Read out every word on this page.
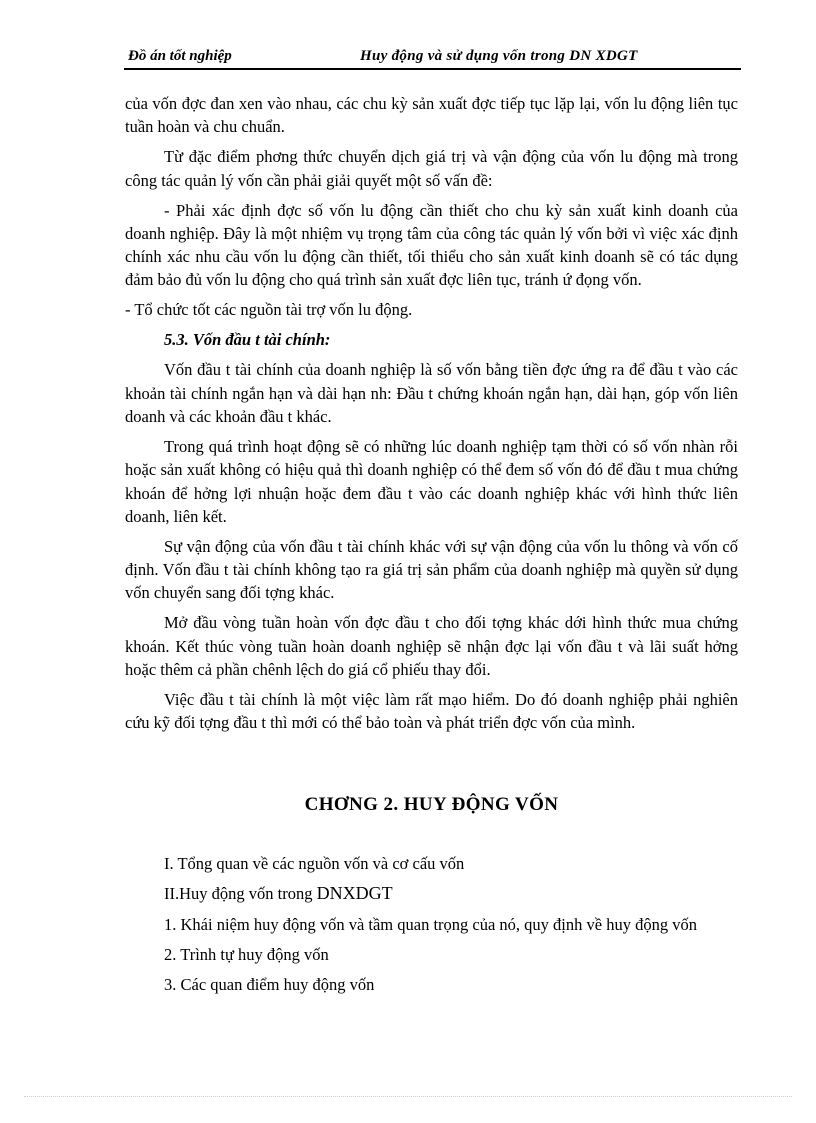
Đồ án tốt nghiệp	Huy động và sử dụng vốn trong DN XDGT

của vốn đợc đan xen vào nhau, các chu kỳ sản xuất đợc tiếp tục lặp lại, vốn lu động liên tục tuần hoàn và chu chuẩn.

Từ đặc điểm phơng thức chuyển dịch giá trị và vận động của vốn lu động mà trong công tác quản lý vốn cần phải giải quyết một số vấn đề:

- Phải xác định đợc số vốn lu động cần thiết cho chu kỳ sản xuất kinh doanh của doanh nghiệp. Đây là một nhiệm vụ trọng tâm của công tác quản lý vốn bởi vì việc xác định chính xác nhu cầu vốn lu động cần thiết, tối thiểu cho sản xuất kinh doanh sẽ có tác dụng đảm bảo đủ vốn lu động cho quá trình sản xuất đợc liên tục, tránh ứ đọng vốn.

- Tổ chức tốt các nguồn tài trợ vốn lu động.

5.3. Vốn đầu t tài chính:

Vốn đầu t tài chính của doanh nghiệp là số vốn bằng tiền đợc ứng ra để đầu t vào các khoản tài chính ngắn hạn và dài hạn nh: Đầu t chứng khoán ngắn hạn, dài hạn, góp vốn liên doanh và các khoản đầu t khác.

Trong quá trình hoạt động sẽ có những lúc doanh nghiệp tạm thời có số vốn nhàn rỗi hoặc sản xuất không có hiệu quả thì doanh nghiệp có thể đem số vốn đó để đầu t mua chứng khoán để hởng lợi nhuận hoặc đem đầu t vào các doanh nghiệp khác với hình thức liên doanh, liên kết.

Sự vận động của vốn đầu t tài chính khác với sự vận động của vốn lu thông và vốn cố định. Vốn đầu t tài chính không tạo ra giá trị sản phẩm của doanh nghiệp mà quyền sử dụng vốn chuyển sang đối tợng khác.

Mở đầu vòng tuần hoàn vốn đợc đầu t cho đối tợng khác dới hình thức mua chứng khoán. Kết thúc vòng tuần hoàn doanh nghiệp sẽ nhận đợc lại vốn đầu t và lãi suất hởng hoặc thêm cả phần chênh lệch do giá cổ phiếu thay đổi.

Việc đầu t tài chính là một việc làm rất mạo hiểm. Do đó doanh nghiệp phải nghiên cứu kỹ đối tợng đầu t thì mới có thể bảo toàn và phát triển đợc vốn của mình.

CHƠNG 2. HUY ĐỘNG VỐN

I. Tổng quan về các nguồn vốn và cơ cấu vốn

II.Huy động vốn trong DNXDGT

1. Khái niệm huy động vốn và tầm quan trọng của nó, quy định về huy động vốn

2. Trình tự huy động vốn

3. Các quan điểm huy động vốn
